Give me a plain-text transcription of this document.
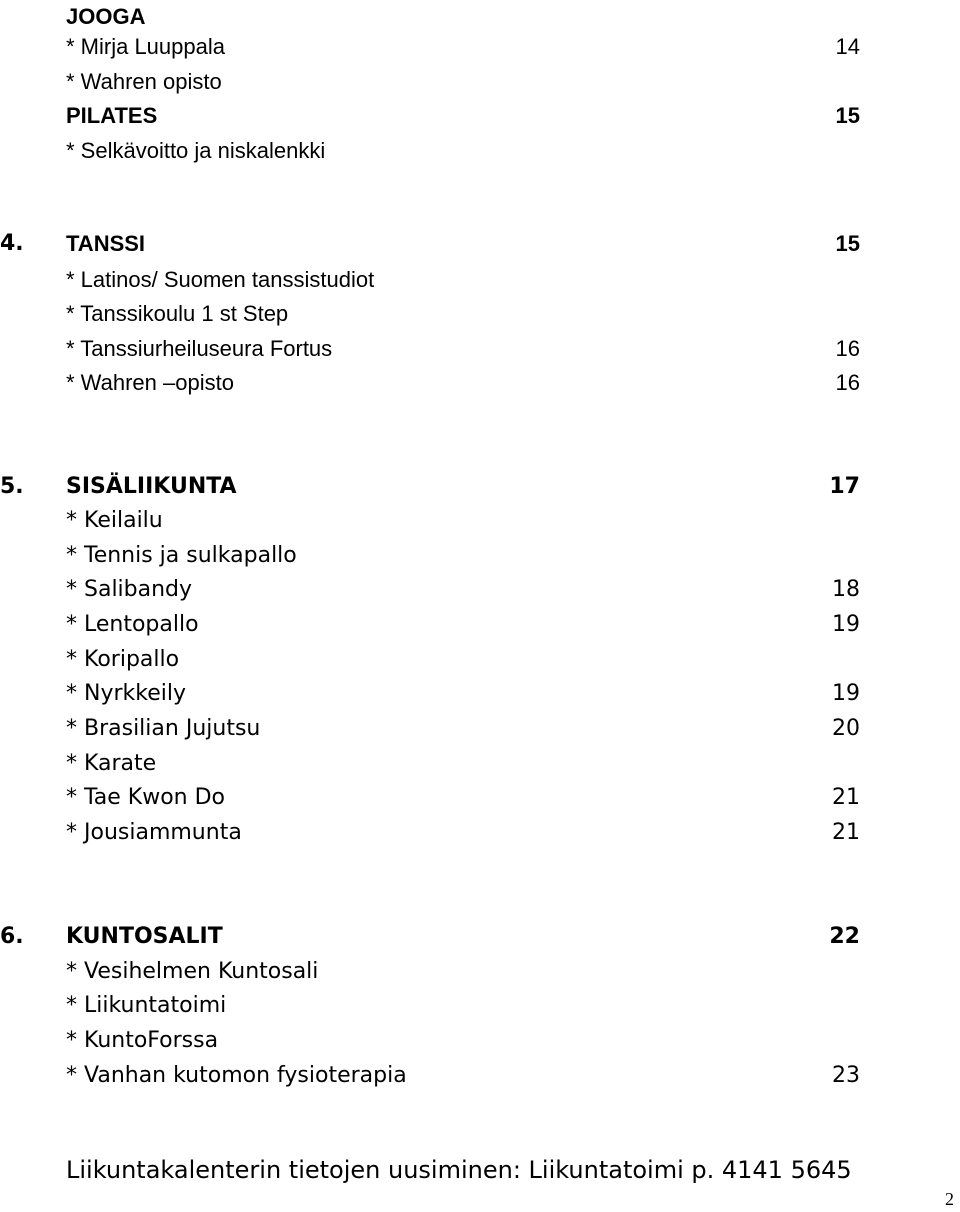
JOOGA
* Mirja Luuppala	14
* Wahren opisto
PILATES	15
* Selkävoitto ja niskalenkki
4. TANSSI	15
* Latinos/ Suomen tanssistudiot
* Tanssikoulu 1 st Step
* Tanssiurheiluseura Fortus	16
* Wahren –opisto	16
5. SISÄLIIKUNTA	17
* Keilailu
* Tennis ja sulkapallo
* Salibandy	18
* Lentopallo	19
* Koripallo
* Nyrkkeily	19
* Brasilian Jujutsu	20
* Karate
* Tae Kwon Do	21
* Jousiammunta	21
6. KUNTOSALIT	22
* Vesihelmen Kuntosali
* Liikuntatoimi
* KuntoForssa
* Vanhan kutomon fysioterapia	23
Liikuntakalenterin tietojen uusiminen: Liikuntatoimi p. 4141 5645
2
